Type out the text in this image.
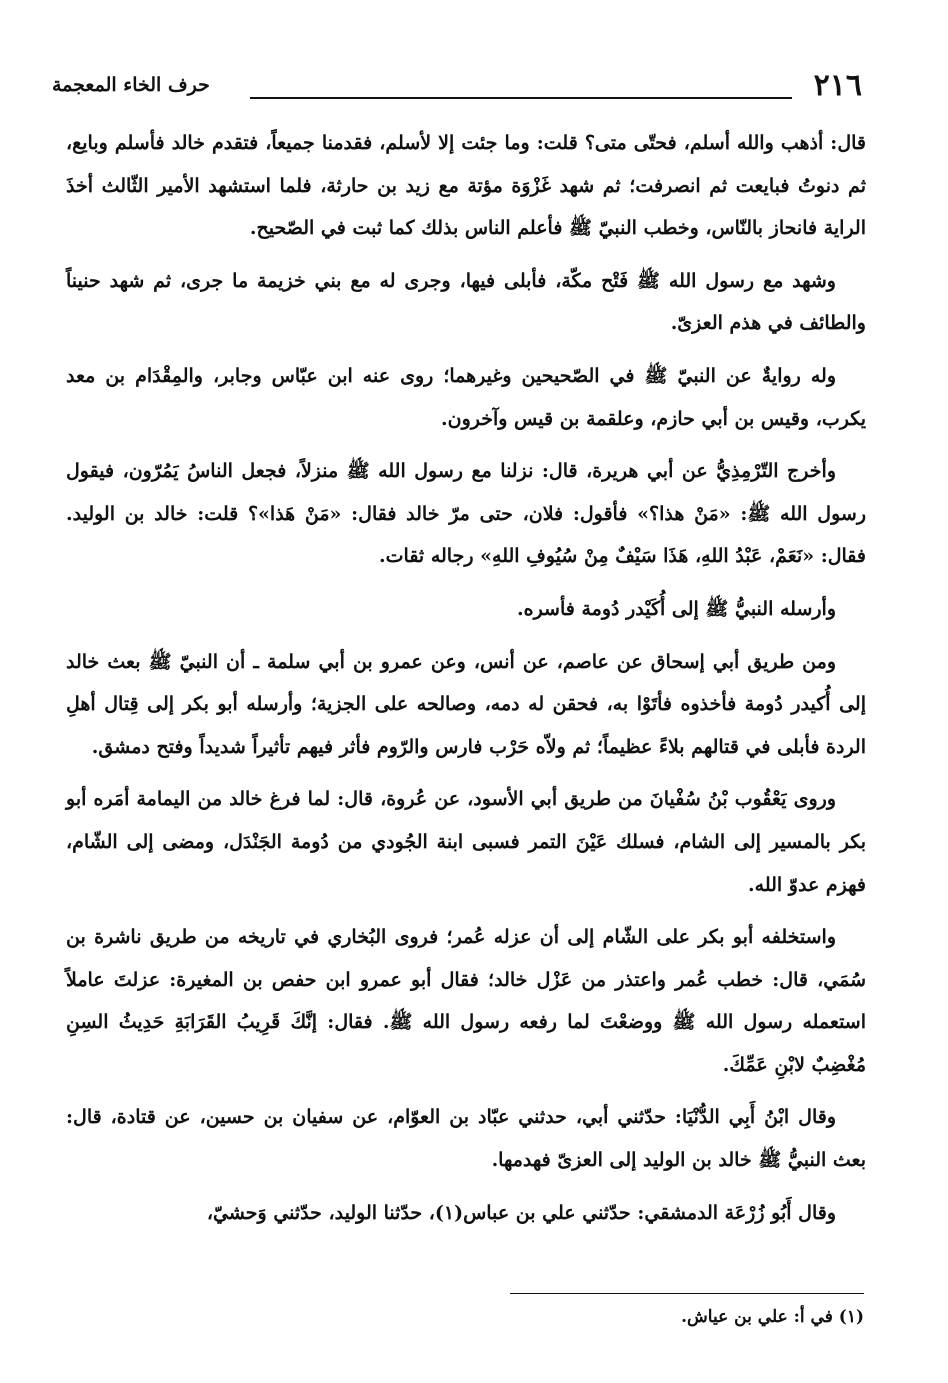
٢١٦
حرف الخاء المعجمة

قال: أذهب والله أسلم، فحتّى متى؟ قلت: وما جئت إلا لأسلم، فقدمنا جميعاً، فتقدم خالد فأسلم وبايع، ثم دنوتُ فبايعت ثم انصرفت؛ ثم شهد غَزْوَة مؤتة مع زيد بن حارثة، فلما استشهد الأمير الثّالث أخذَ الراية فانحاز بالنّاس، وخطب النبيّ ﷺ فأعلم الناس بذلك كما ثبت في الصّحيح.

وشهد مع رسول الله ﷺ فَتْح مكّة، فأبلى فيها، وجرى له مع بني خزيمة ما جرى، ثم شهد حنيناً والطائف في هذم العزىّ.

وله روايةٌ عن النبيّ ﷺ في الصّحيحين وغيرهما؛ روى عنه ابن عبّاس وجابر، والمِقْدَام بن معد يكرب، وقيس بن أبي حازم، وعلقمة بن قيس وآخرون.

وأخرج التّرْمِذِيُّ عن أبي هريرة، قال: نزلنا مع رسول الله ﷺ منزلاً، فجعل الناسُ يَمُرّون، فيقول رسول الله ﷺ: «مَنْ هذا؟» فأقول: فلان، حتى مرّ خالد فقال: «مَنْ هَذا»؟ قلت: خالد بن الوليد. فقال: «نَعَمْ، عَبْدُ اللهِ، هَذَا سَيْفٌ مِنْ سُيُوفِ اللهِ» رجاله ثقات.

وأرسله النبيُّ ﷺ إلى أُكَيْدر دُومة فأسره.

ومن طريق أبي إسحاق عن عاصم، عن أنس، وعن عمرو بن أبي سلمة ـ أن النبيّ ﷺ بعث خالد إلى أُكيدر دُومة فأخذوه فأتَوْا به، فحقن له دمه، وصالحه على الجزية؛ وأرسله أبو بكر إلى قِتال أهلِ الردة فأبلى في قتالهم بلاءً عظيماً؛ ثم ولاّه حَرْب فارس والرّوم فأثر فيهم تأثيراً شديداً وفتح دمشق.

وروى يَعْقُوب بْنُ سُفْيانَ من طريق أبي الأسود، عن عُروة، قال: لما فرغ خالد من اليمامة أمَره أبو بكر بالمسير إلى الشام، فسلك عَيْنَ التمر فسبى ابنة الجُودي من دُومة الجَنْدَل، ومضى إلى الشّام، فهزم عدوّ الله.

واستخلفه أبو بكر على الشّام إلى أن عزله عُمر؛ فروى البُخاري في تاريخه من طريق ناشرة بن سُمَي، قال: خطب عُمر واعتذر من عَزْل خالد؛ فقال أبو عمرو ابن حفص بن المغيرة: عزلتَ عاملاً استعمله رسول الله ﷺ ووضعْتَ لما رفعه رسول الله ﷺ. فقال: إنَّكَ قَرِيبُ القَرَابَةِ حَدِيثُ السِنِ مُغْضِبٌ لابْنِ عَمِّكَ.

وقال ابْنُ أَبِي الدُّنْيَا: حدّثني أبي، حدثني عبّاد بن العوّام، عن سفيان بن حسين، عن قتادة، قال: بعث النبيُّ ﷺ خالد بن الوليد إلى العزىّ فهدمها.

وقال أَبُو زُرْعَة الدمشقي: حدّثني علي بن عباس(١)، حدّثنا الوليد، حدّثني وَحشيّ،

(١) في أ: علي بن عياش.
